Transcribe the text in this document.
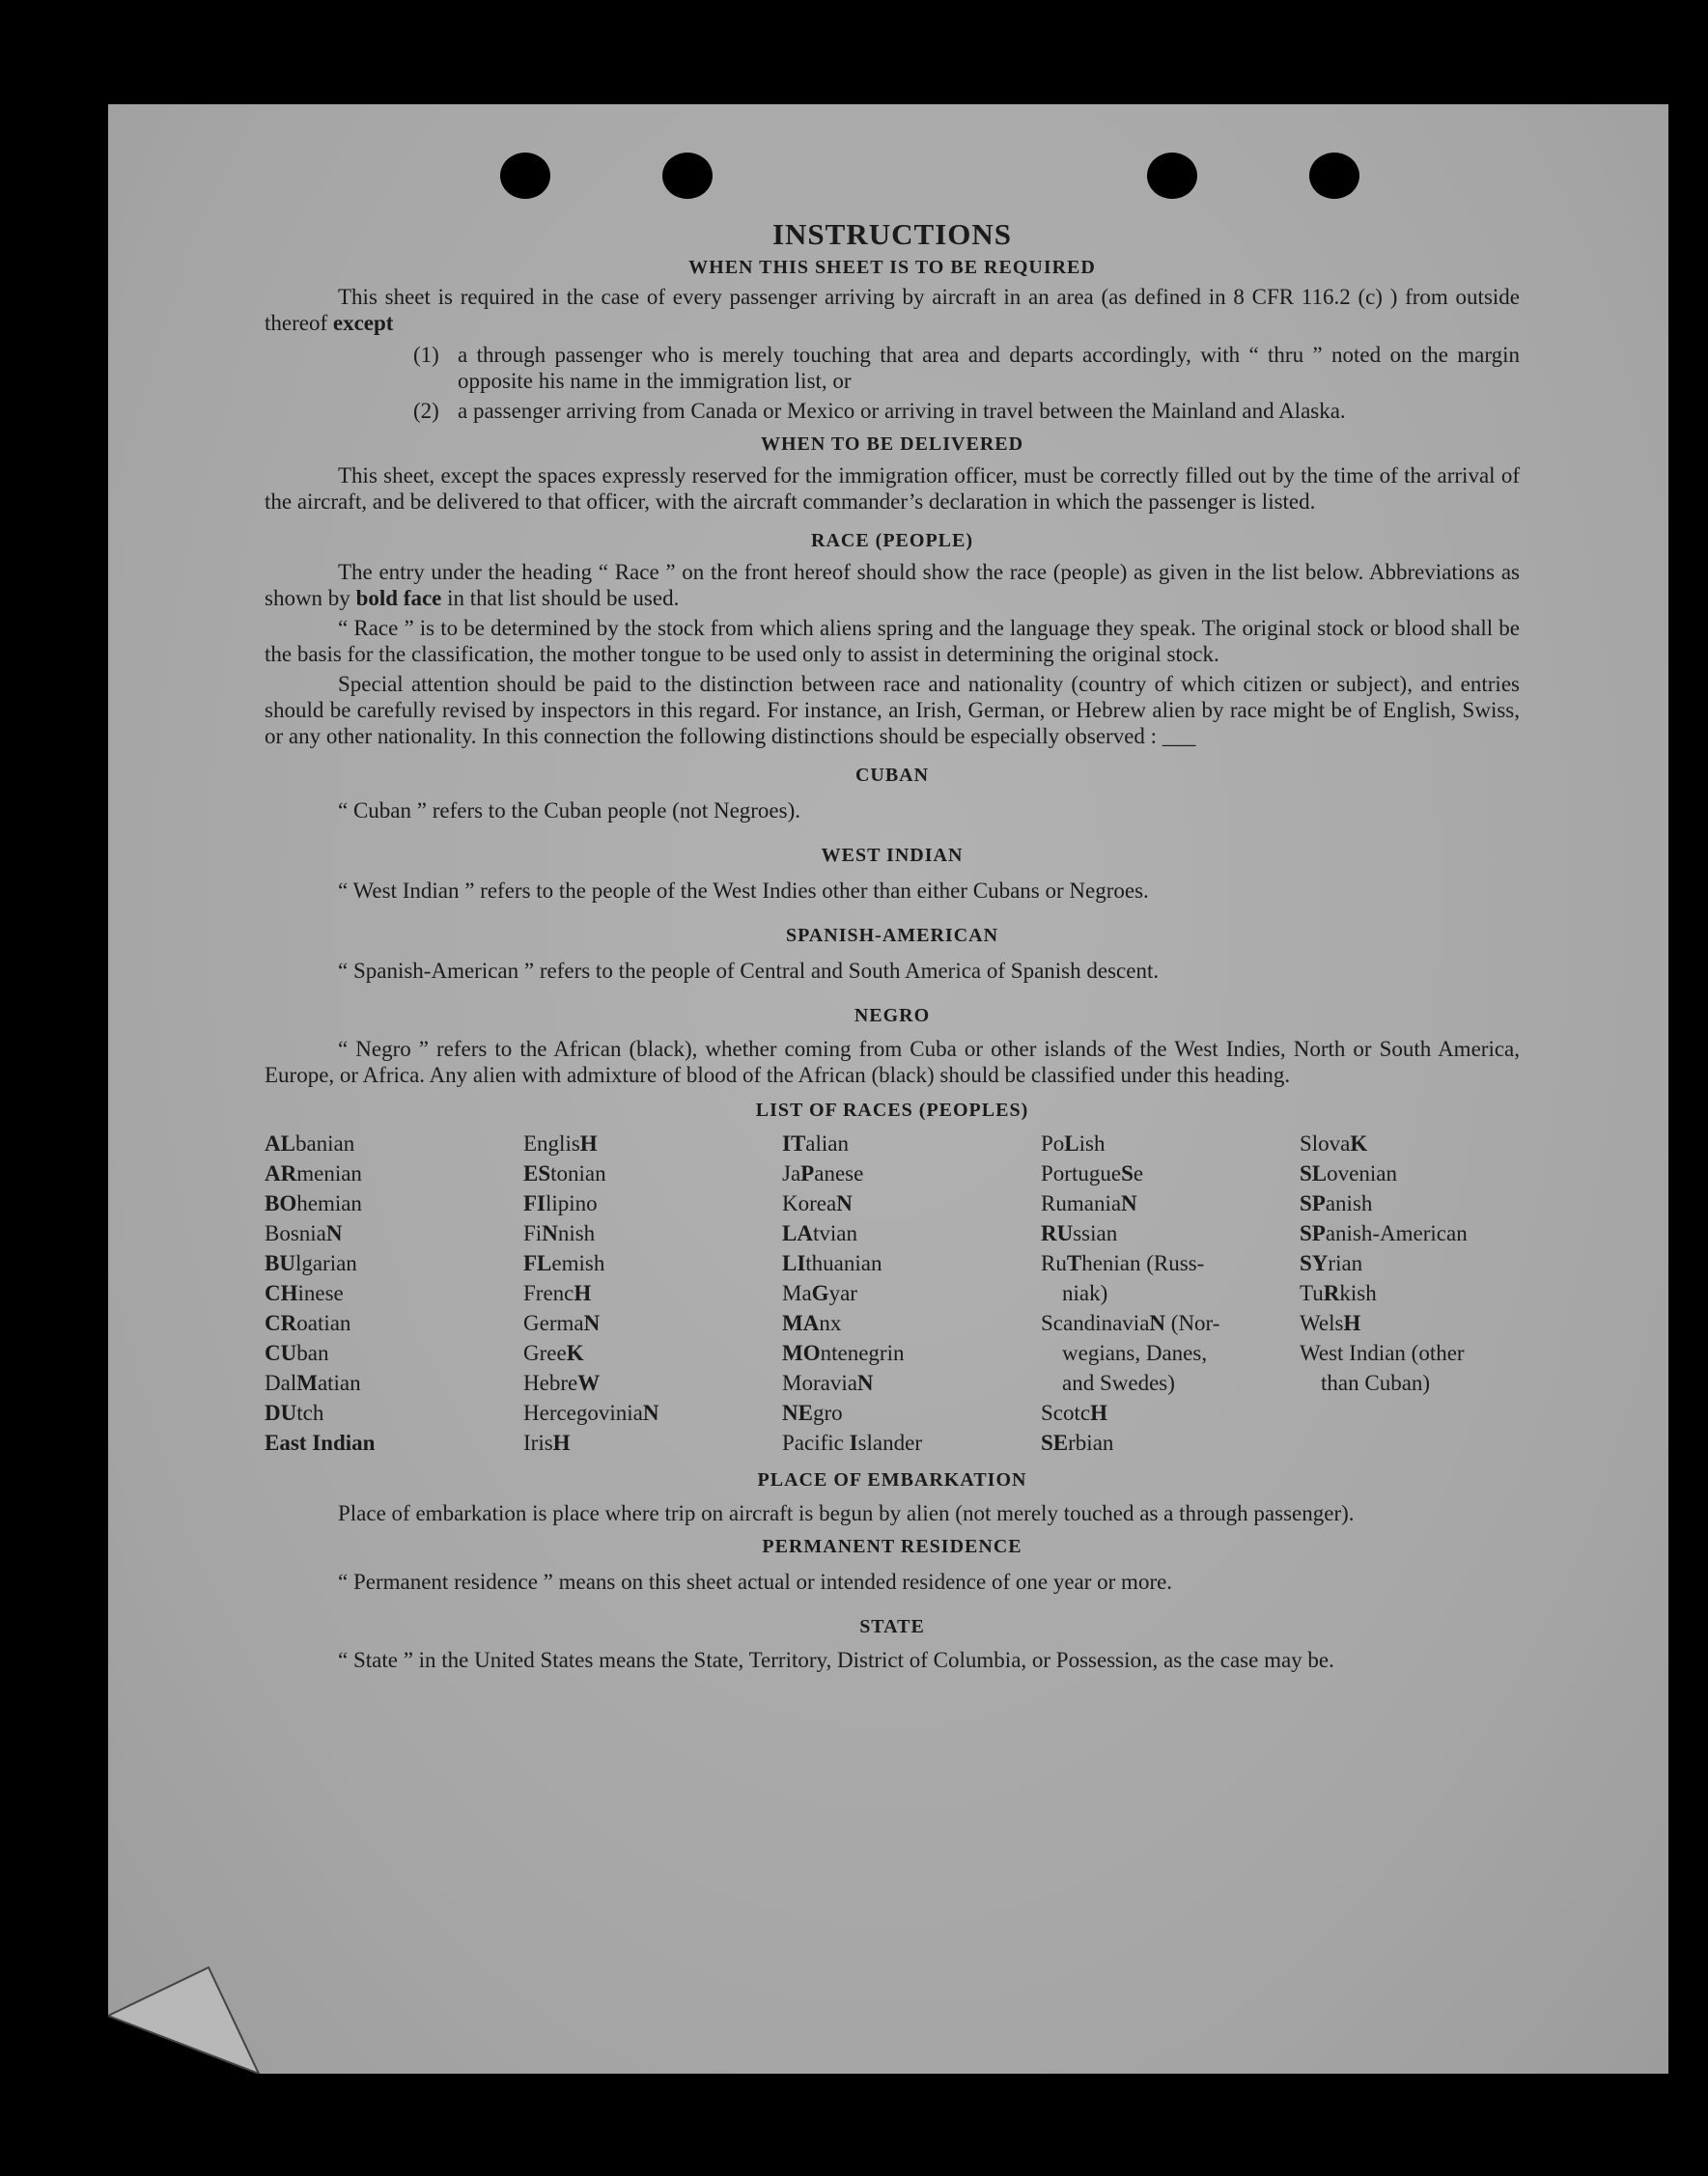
INSTRUCTIONS
WHEN THIS SHEET IS TO BE REQUIRED

This sheet is required in the case of every passenger arriving by aircraft in an area (as defined in 8 CFR 116.2 (c) ) from outside thereof except

(1) a through passenger who is merely touching that area and departs accordingly, with “ thru ” noted on the margin opposite his name in the immigration list, or
(2) a passenger arriving from Canada or Mexico or arriving in travel between the Mainland and Alaska.
WHEN TO BE DELIVERED

This sheet, except the spaces expressly reserved for the immigration officer, must be correctly filled out by the time of the arrival of the aircraft, and be delivered to that officer, with the aircraft commander’s declaration in which the passenger is listed.

RACE (PEOPLE)

The entry under the heading “ Race ” on the front hereof should show the race (people) as given in the list below. Abbreviations as shown by bold face in that list should be used.

“ Race ” is to be determined by the stock from which aliens spring and the language they speak. The original stock or blood shall be the basis for the classification, the mother tongue to be used only to assist in determining the original stock.

Special attention should be paid to the distinction between race and nationality (country of which citizen or subject), and entries should be carefully revised by inspectors in this regard. For instance, an Irish, German, or Hebrew alien by race might be of English, Swiss, or any other nationality. In this connection the following distinctions should be especially observed : ___

CUBAN

“ Cuban ” refers to the Cuban people (not Negroes).

WEST INDIAN

“ West Indian ” refers to the people of the West Indies other than either Cubans or Negroes.

SPANISH-AMERICAN

“ Spanish-American ” refers to the people of Central and South America of Spanish descent.

NEGRO

“ Negro ” refers to the African (black), whether coming from Cuba or other islands of the West Indies, North or South America, Europe, or Africa. Any alien with admixture of blood of the African (black) should be classified under this heading.

LIST OF RACES (PEOPLES)
ALbanian
ARmenian
BOhemian
BosniaN
BUlgarian
CHinese
CRoatian
CUban
DalMatian
DUtch
East Indian
EnglisH
EStonian
FIlipino
FiNnish
FLemish
FrencH
GermaN
GreeK
HebreW
HercegoviniaN
IrisH
ITalian
JaPanese
KoreaN
LAtvian
LIthuanian
MaGyar
MAnx
MOntenegrin
MoraviaN
NEgro
Pacific Islander
PoLish
PortugueSe
RumaniaN
RUssian
RuThenian (Russ-
niak)
ScandinaviaN (Nor-
wegians, Danes,
and Swedes)
ScotcH
SErbian
SlovaK
SLovenian
SPanish
SPanish-American
SYrian
TuRkish
WelsH
West Indian (other
than Cuban)
PLACE OF EMBARKATION

Place of embarkation is place where trip on aircraft is begun by alien (not merely touched as a through passenger).

PERMANENT RESIDENCE

“ Permanent residence ” means on this sheet actual or intended residence of one year or more.

STATE

“ State ” in the United States means the State, Territory, District of Columbia, or Possession, as the case may be.
